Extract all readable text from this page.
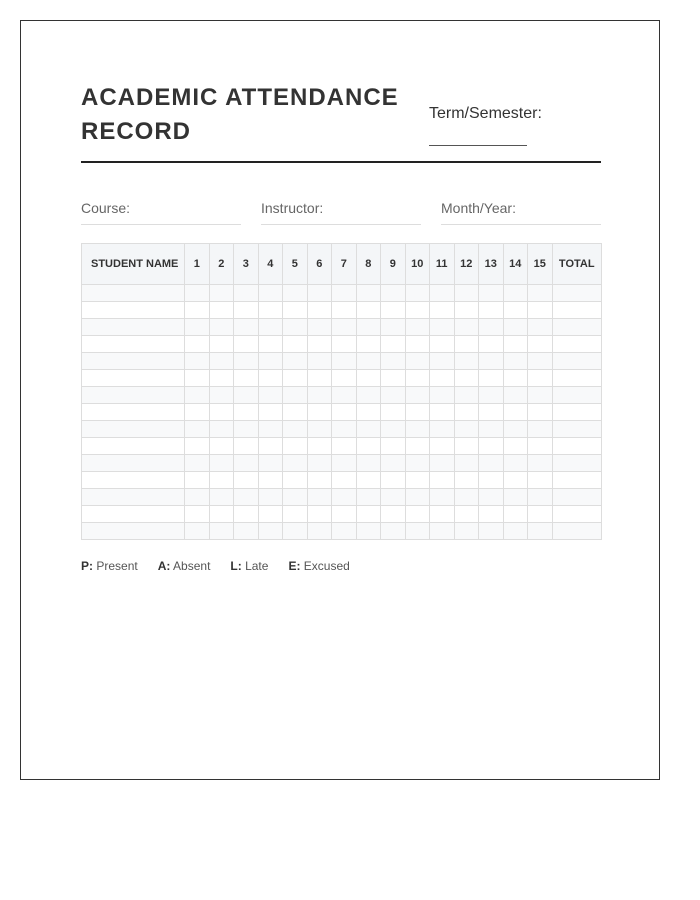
ACADEMIC ATTENDANCE RECORD
Term/Semester:
Course:	Instructor:	Month/Year:
STUDENT NAME	1	2	3	4	5	6	7	8	9	10	11	12	13	14	15	TOTAL

P: Present A: Absent L: Late E: Excused
